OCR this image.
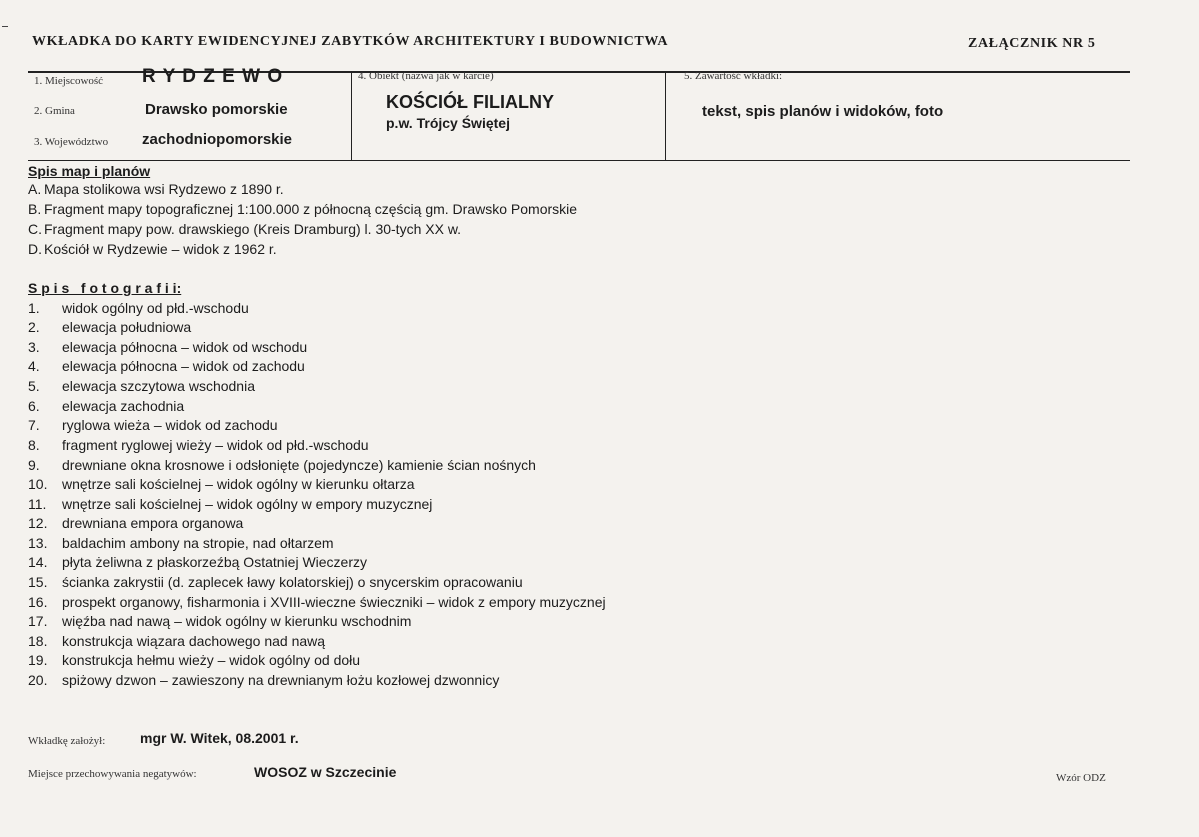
WKŁADKA DO KARTY EWIDENCYJNEJ ZABYTKÓW ARCHITEKTURY I BUDOWNICTWA	ZAŁĄCZNIK NR 5
1. Miejscowość R Y D Z E W O
2. Gmina	Drawsko pomorskie
3. Województwo zachodniopomorskie
4. Obiekt (nazwa jak w karcie)
KOŚCIÓŁ FILIALNY
p.w. Trójcy Świętej
5. Zawartość wkładki:
tekst, spis planów i widoków, foto
Spis map i planów
A. Mapa stolikowa wsi Rydzewo z 1890 r.
B. Fragment mapy topograficznej 1:100.000 z północną częścią gm. Drawsko Pomorskie
C. Fragment mapy pow. drawskiego (Kreis Dramburg) l. 30-tych XX w.
D. Kościół w Rydzewie – widok z 1962 r.
S p i s   f o t o g r a f i i:
1. widok ogólny od płd.-wschodu
2. elewacja południowa
3. elewacja północna – widok od wschodu
4. elewacja północna – widok od zachodu
5. elewacja szczytowa wschodnia
6. elewacja zachodnia
7. ryglowa wieża – widok od zachodu
8. fragment ryglowej wieży – widok od płd.-wschodu
9. drewniane okna krosnowe i odsłonięte (pojedyncze) kamienie ścian nośnych
10. wnętrze sali kościelnej – widok ogólny w kierunku ołtarza
11. wnętrze sali kościelnej – widok ogólny w empory muzycznej
12. drewniana empora organowa
13. baldachim ambony na stropie, nad ołtarzem
14. płyta żeliwna z płaskorzeźbą Ostatniej Wieczerzy
15. ścianka zakrystii (d. zaplecek ławy kolatorskiej) o snycerskim opracowaniu
16. prospekt organowy, fisharmonia i XVIII-wieczne świeczniki – widok z empory muzycznej
17. więźba nad nawą – widok ogólny w kierunku wschodnim
18. konstrukcja wiązara dachowego nad nawą
19. konstrukcja hełmu wieży – widok ogólny od dołu
20. spiżowy dzwon – zawieszony na drewnianym łożu kozłowej dzwonnicy
Wkładkę założył: mgr W. Witek, 08.2001 r.
Miejsce przechowywania negatywów:	WOSOZ w Szczecinie	Wzór ODZ
